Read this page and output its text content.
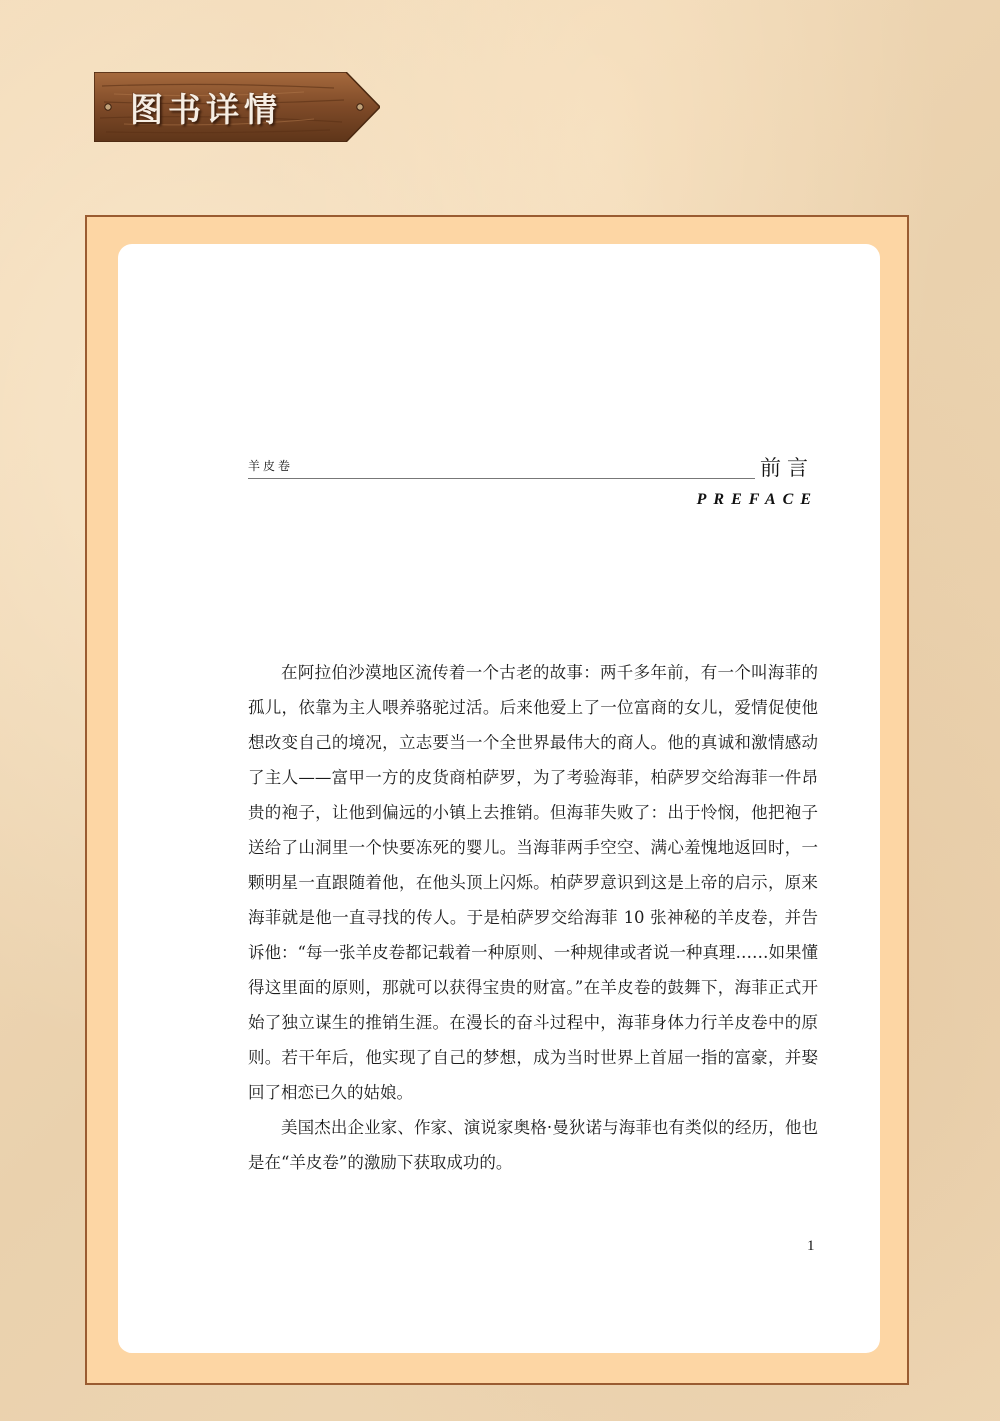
图书详情
羊皮卷	前言
PREFACE

在阿拉伯沙漠地区流传着一个古老的故事：两千多年前，有一个叫海菲的孤儿，依靠为主人喂养骆驼过活。后来他爱上了一位富商的女儿，爱情促使他想改变自己的境况，立志要当一个全世界最伟大的商人。他的真诚和激情感动了主人——富甲一方的皮货商柏萨罗，为了考验海菲，柏萨罗交给海菲一件昂贵的袍子，让他到偏远的小镇上去推销。但海菲失败了：出于怜悯，他把袍子送给了山洞里一个快要冻死的婴儿。当海菲两手空空、满心羞愧地返回时，一颗明星一直跟随着他，在他头顶上闪烁。柏萨罗意识到这是上帝的启示，原来海菲就是他一直寻找的传人。于是柏萨罗交给海菲 10 张神秘的羊皮卷，并告诉他：“每一张羊皮卷都记载着一种原则、一种规律或者说一种真理……如果懂得这里面的原则，那就可以获得宝贵的财富。”在羊皮卷的鼓舞下，海菲正式开始了独立谋生的推销生涯。在漫长的奋斗过程中，海菲身体力行羊皮卷中的原则。若干年后，他实现了自己的梦想，成为当时世界上首屈一指的富豪，并娶回了相恋已久的姑娘。

美国杰出企业家、作家、演说家奥格·曼狄诺与海菲也有类似的经历，他也是在“羊皮卷”的激励下获取成功的。

1
